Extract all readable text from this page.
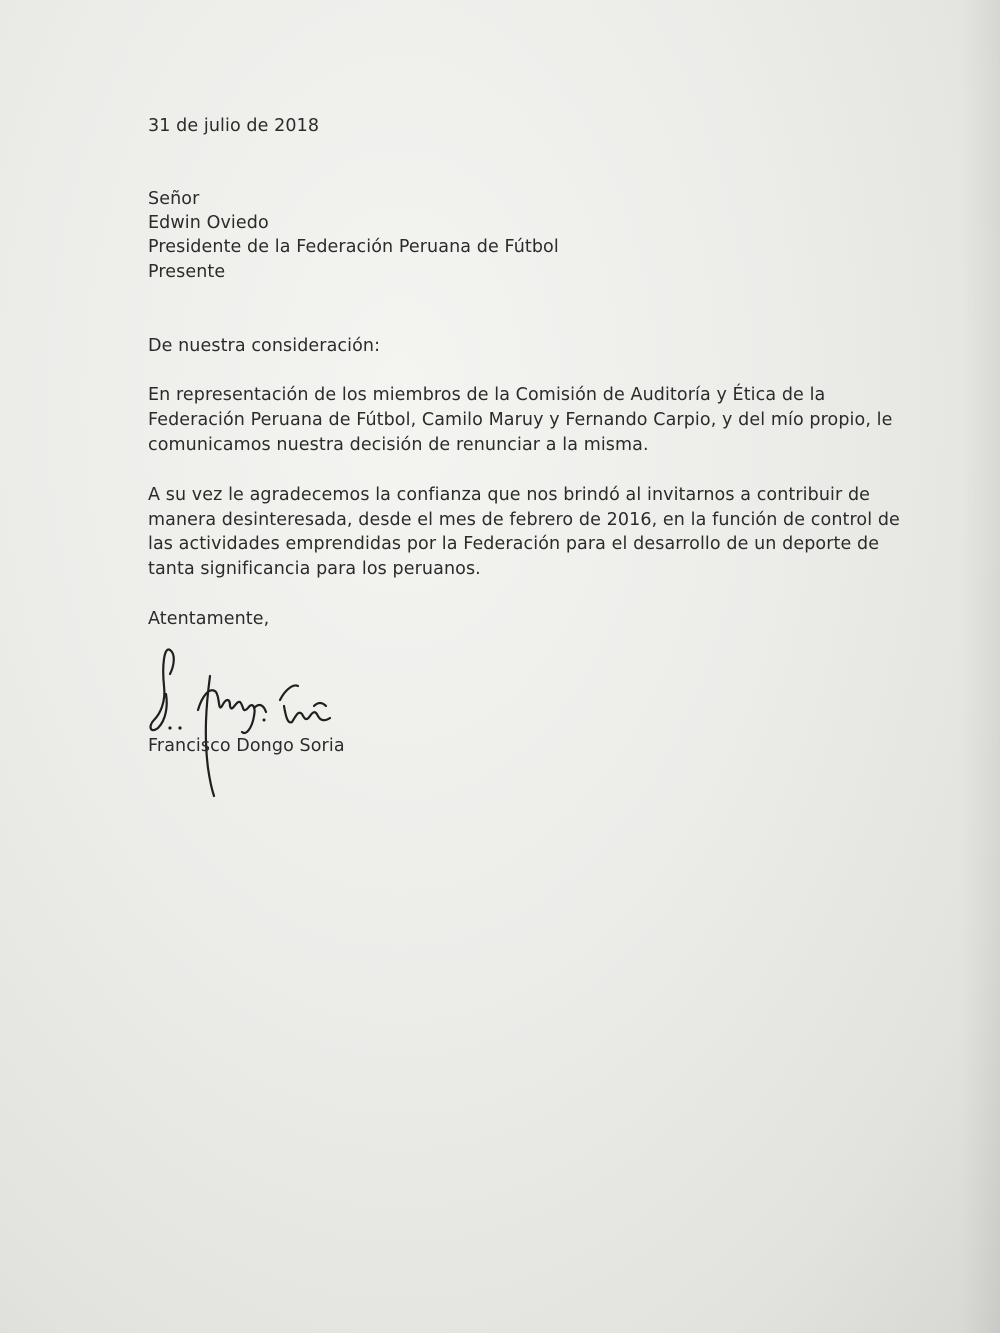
31 de julio de 2018
Señor
Edwin Oviedo
Presidente de la Federación Peruana de Fútbol
Presente
De nuestra consideración:
En representación de los miembros de la Comisión de Auditoría y Ética de la
Federación Peruana de Fútbol, Camilo Maruy y Fernando Carpio, y del mío propio, le
comunicamos nuestra decisión de renunciar a la misma.
A su vez le agradecemos la confianza que nos brindó al invitarnos a contribuir de
manera desinteresada, desde el mes de febrero de 2016, en la función de control de
las actividades emprendidas por la Federación para el desarrollo de un deporte de
tanta significancia para los peruanos.
Atentamente,
Francisco Dongo Soria
